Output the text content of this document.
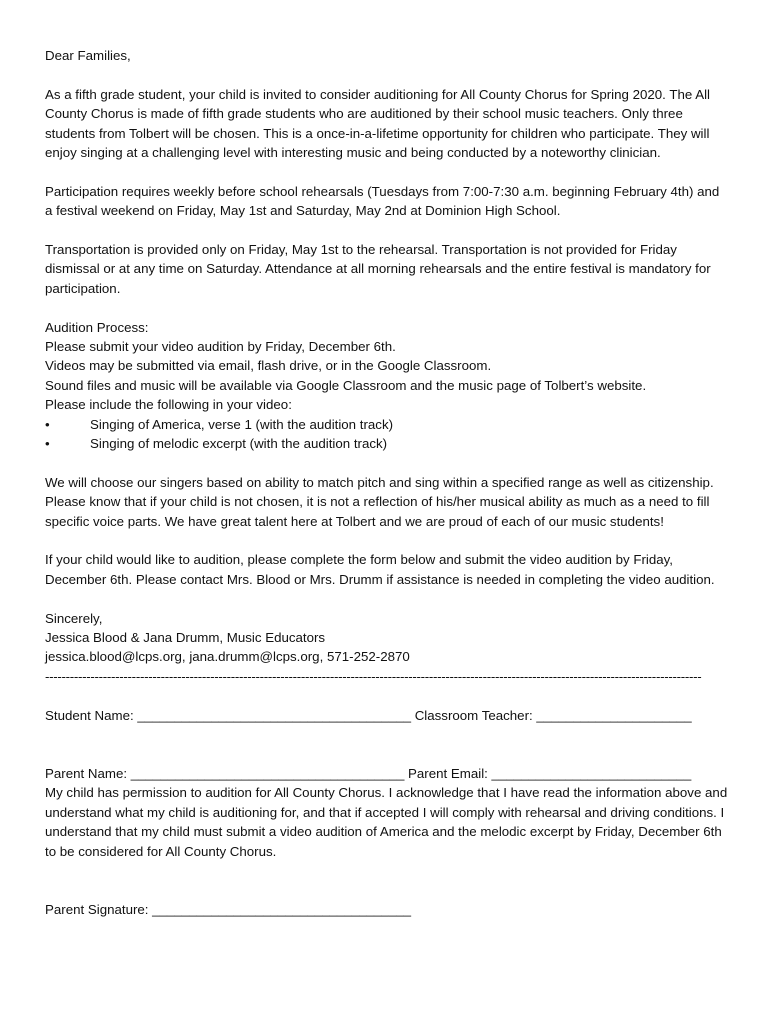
Dear Families,

As a fifth grade student, your child is invited to consider auditioning for All County Chorus for Spring 2020. The All County Chorus is made of fifth grade students who are auditioned by their school music teachers. Only three students from Tolbert will be chosen. This is a once-in-a-lifetime opportunity for children who participate. They will enjoy singing at a challenging level with interesting music and being conducted by a noteworthy clinician.

Participation requires weekly before school rehearsals (Tuesdays from 7:00-7:30 a.m. beginning February 4th) and a festival weekend on Friday, May 1st and Saturday, May 2nd at Dominion High School.

Transportation is provided only on Friday, May 1st to the rehearsal. Transportation is not provided for Friday dismissal or at any time on Saturday. Attendance at all morning rehearsals and the entire festival is mandatory for participation.

Audition Process:

Please submit your video audition by Friday, December 6th.

Videos may be submitted via email, flash drive, or in the Google Classroom.

Sound files and music will be available via Google Classroom and the music page of Tolbert’s website.

Please include the following in your video:

•	Singing of America, verse 1 (with the audition track)
•	Singing of melodic excerpt (with the audition track)

We will choose our singers based on ability to match pitch and sing within a specified range as well as citizenship. Please know that if your child is not chosen, it is not a reflection of his/her musical ability as much as a need to fill specific voice parts. We have great talent here at Tolbert and we are proud of each of our music students!

If your child would like to audition, please complete the form below and submit the video audition by Friday, December 6th. Please contact Mrs. Blood or Mrs. Drumm if assistance is needed in completing the video audition.

Sincerely,

Jessica Blood & Jana Drumm, Music Educators

jessica.blood@lcps.org, jana.drumm@lcps.org, 571-252-2870

---------------------------------------------------------------------------------------------------------------------------------------------------------------

Student Name: _____________________________________ Classroom Teacher: _____________________

Parent Name: _____________________________________ Parent Email: ___________________________

My child has permission to audition for All County Chorus. I acknowledge that I have read the information above and understand what my child is auditioning for, and that if accepted I will comply with rehearsal and driving conditions. I understand that my child must submit a video audition of America and the melodic excerpt by Friday, December 6th to be considered for All County Chorus.

Parent Signature: ___________________________________
